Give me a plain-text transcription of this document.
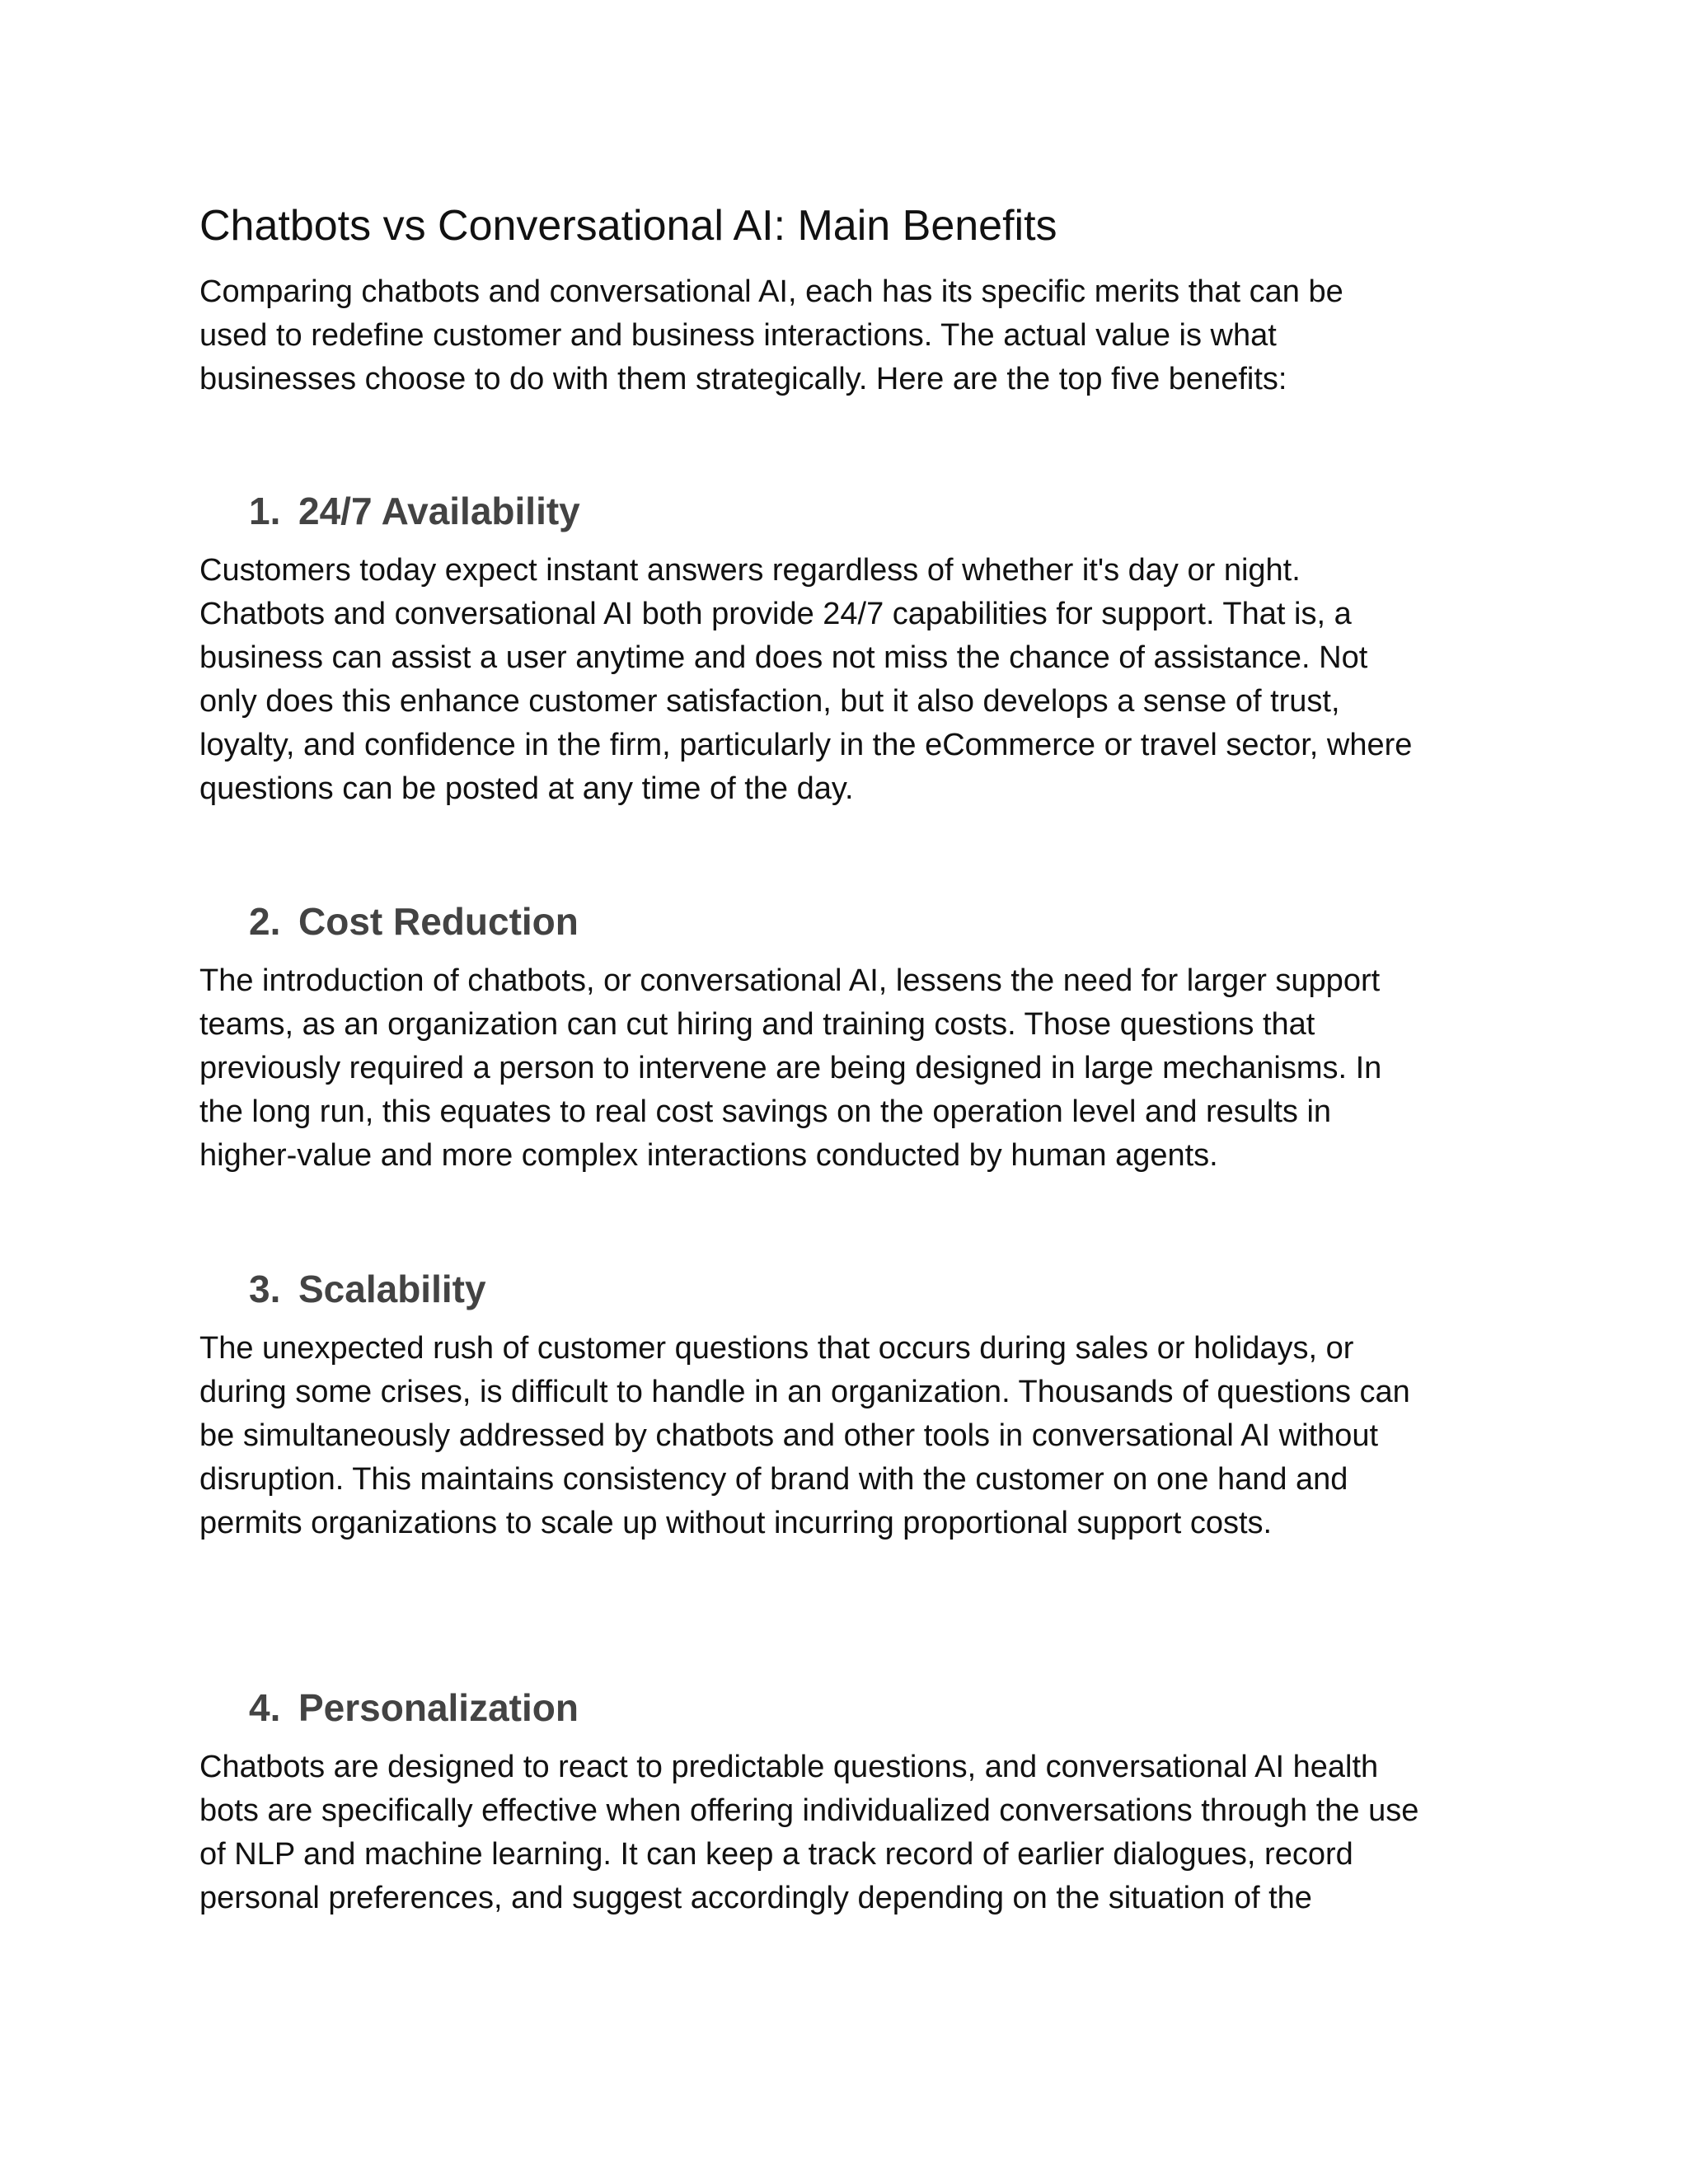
Chatbots vs Conversational AI: Main Benefits

Comparing chatbots and conversational AI, each has its specific merits that can be
used to redefine customer and business interactions. The actual value is what
businesses choose to do with them strategically. Here are the top five benefits:

1. 24/7 Availability

Customers today expect instant answers regardless of whether it's day or night.
Chatbots and conversational AI both provide 24/7 capabilities for support. That is, a
business can assist a user anytime and does not miss the chance of assistance. Not
only does this enhance customer satisfaction, but it also develops a sense of trust,
loyalty, and confidence in the firm, particularly in the eCommerce or travel sector, where
questions can be posted at any time of the day.

2. Cost Reduction

The introduction of chatbots, or conversational AI, lessens the need for larger support
teams, as an organization can cut hiring and training costs. Those questions that
previously required a person to intervene are being designed in large mechanisms. In
the long run, this equates to real cost savings on the operation level and results in
higher-value and more complex interactions conducted by human agents.

3. Scalability

The unexpected rush of customer questions that occurs during sales or holidays, or
during some crises, is difficult to handle in an organization. Thousands of questions can
be simultaneously addressed by chatbots and other tools in conversational AI without
disruption. This maintains consistency of brand with the customer on one hand and
permits organizations to scale up without incurring proportional support costs.

4. Personalization

Chatbots are designed to react to predictable questions, and conversational AI health
bots are specifically effective when offering individualized conversations through the use
of NLP and machine learning. It can keep a track record of earlier dialogues, record
personal preferences, and suggest accordingly depending on the situation of the
